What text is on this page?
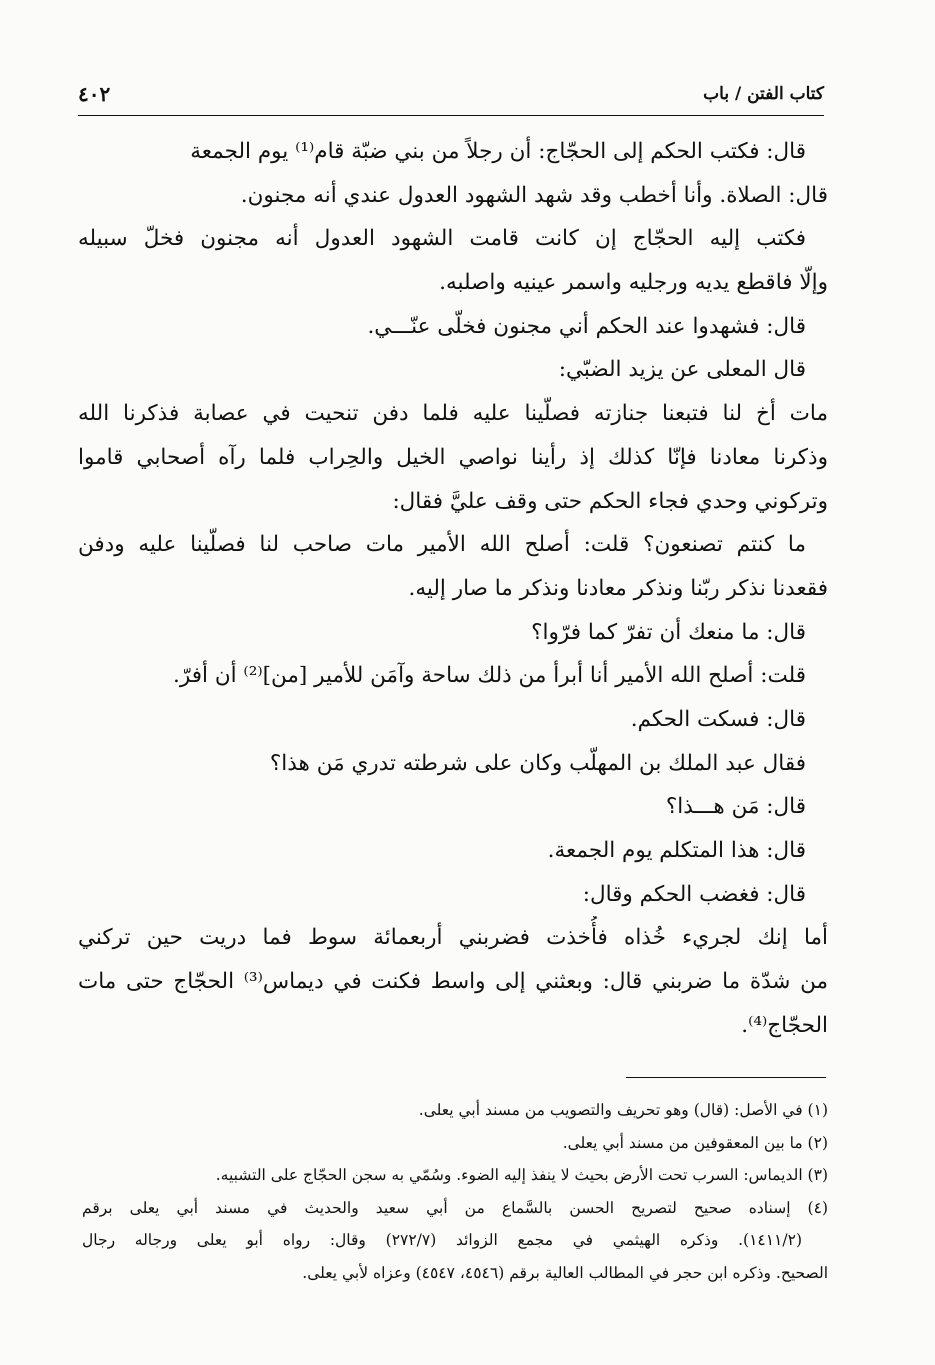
٤٠٢	كتاب الفتن / باب
قال: فكتب الحكم إلى الحجّاج: أن رجلاً من بني ضبّة قام⁽¹⁾ يوم الجمعة
قال: الصلاة. وأنا أخطب وقد شهد الشهود العدول عندي أنه مجنون.
فكتب إليه الحجّاج إن كانت قامت الشهود العدول أنه مجنون فخلّ سبيله
وإلّا فاقطع يديه ورجليه واسمر عينيه واصلبه.
قال: فشهدوا عند الحكم أني مجنون فخلّى عنّـــي.
قال المعلى عن يزيد الضبّي:
مات أخ لنا فتبعنا جنازته فصلّينا عليه فلما دفن تنحيت في عصابة فذكرنا الله
وذكرنا معادنا فإنّا كذلك إذ رأينا نواصي الخيل والحِراب فلما رآه أصحابي قاموا
وتركوني وحدي فجاء الحكم حتى وقف عليَّ فقال:
ما كنتم تصنعون؟ قلت: أصلح الله الأمير مات صاحب لنا فصلّينا عليه ودفن
فقعدنا نذكر ربّنا ونذكر معادنا ونذكر ما صار إليه.
قال: ما منعك أن تفرّ كما فرّوا؟
قلت: أصلح الله الأمير أنا أبرأ من ذلك ساحة وآمَن للأمير [من]⁽²⁾ أن أفرّ.
قال: فسكت الحكم.
فقال عبد الملك بن المهلّب وكان على شرطته تدري مَن هذا؟
قال: مَن هـــذا؟
قال: هذا المتكلم يوم الجمعة.
قال: فغضب الحكم وقال:
أما إنك لجريء خُذاه فأُخذت فضربني أربعمائة سوط فما دريت حين تركني
من شدّة ما ضربني قال: وبعثني إلى واسط فكنت في ديماس⁽³⁾ الحجّاج حتى مات
الحجّاج⁽⁴⁾.
(١) في الأصل: (قال) وهو تحريف والتصويب من مسند أبي يعلى.
(٢) ما بين المعقوفين من مسند أبي يعلى.
(٣) الديماس: السرب تحت الأرض بحيث لا ينفذ إليه الضوء. وسُمّي به سجن الحجّاج على التشبيه.
(٤) إسناده صحيح لتصريح الحسن بالسَّماع من أبي سعيد والحديث في مسند أبي يعلى برقم
(١٤١١/٢). وذكره الهيثمي في مجمع الزوائد (٢٧٢/٧) وقال: رواه أبو يعلى ورجاله رجال
الصحيح. وذكره ابن حجر في المطالب العالية برقم (٤٥٤٦، ٤٥٤٧) وعزاه لأبي يعلى.
